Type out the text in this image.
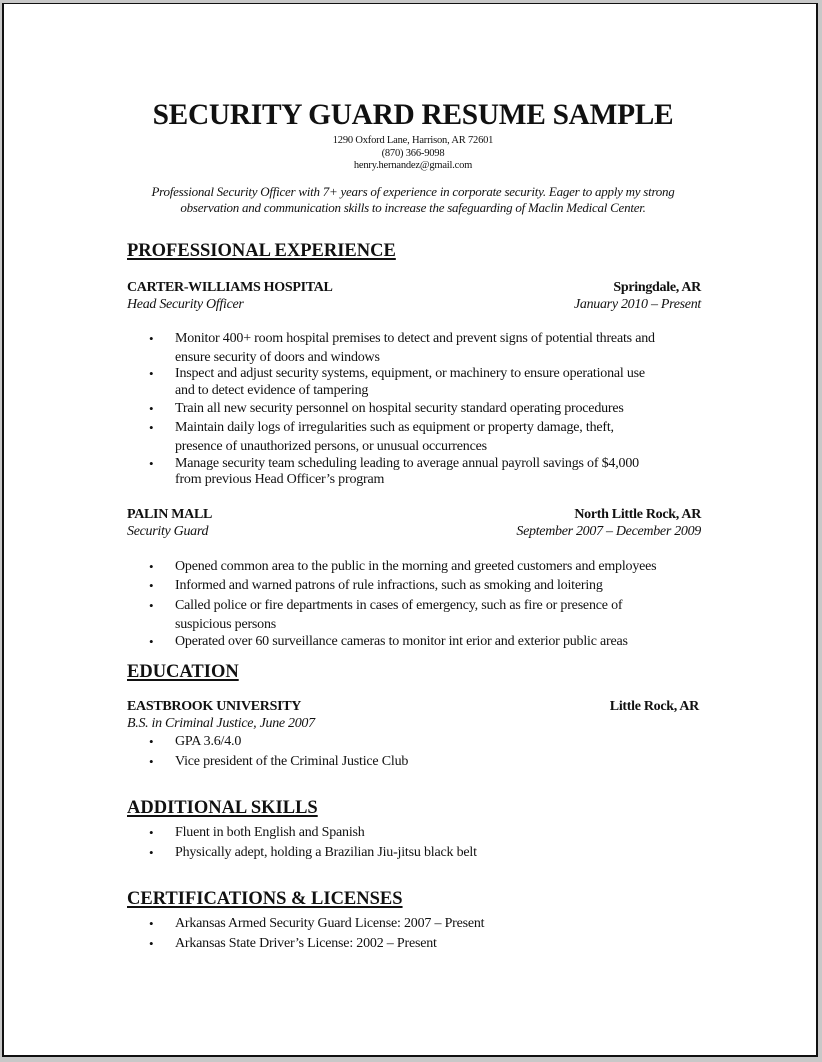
SECURITY GUARD RESUME SAMPLE
1290 Oxford Lane, Harrison, AR 72601
(870) 366-9098
henry.hernandez@gmail.com
Professional Security Officer with 7+ years of experience in corporate security. Eager to apply my strong
observation and communication skills to increase the safeguarding of Maclin Medical Center.
PROFESSIONAL EXPERIENCE
CARTER-WILLIAMS HOSPITAL	Springdale, AR
Head Security Officer	January 2010 – Present
• Monitor 400+ room hospital premises to detect and prevent signs of potential threats and
ensure security of doors and windows
• Inspect and adjust security systems, equipment, or machinery to ensure operational use
and to detect evidence of tampering
• Train all new security personnel on hospital security standard operating procedures
• Maintain daily logs of irregularities such as equipment or property damage, theft,
presence of unauthorized persons, or unusual occurrences
• Manage security team scheduling leading to average annual payroll savings of $4,000
from previous Head Officer’s program
PALIN MALL	North Little Rock, AR
Security Guard	September 2007 – December 2009
• Opened common area to the public in the morning and greeted customers and employees
• Informed and warned patrons of rule infractions, such as smoking and loitering
• Called police or fire departments in cases of emergency, such as fire or presence of
suspicious persons
• Operated over 60 surveillance cameras to monitor int erior and exterior public areas
EDUCATION
EASTBROOK UNIVERSITY	Little Rock, AR
B.S. in Criminal Justice, June 2007
• GPA 3.6/4.0
• Vice president of the Criminal Justice Club
ADDITIONAL SKILLS
• Fluent in both English and Spanish
• Physically adept, holding a Brazilian Jiu-jitsu black belt
CERTIFICATIONS & LICENSES
• Arkansas Armed Security Guard License: 2007 – Present
• Arkansas State Driver’s License: 2002 – Present
